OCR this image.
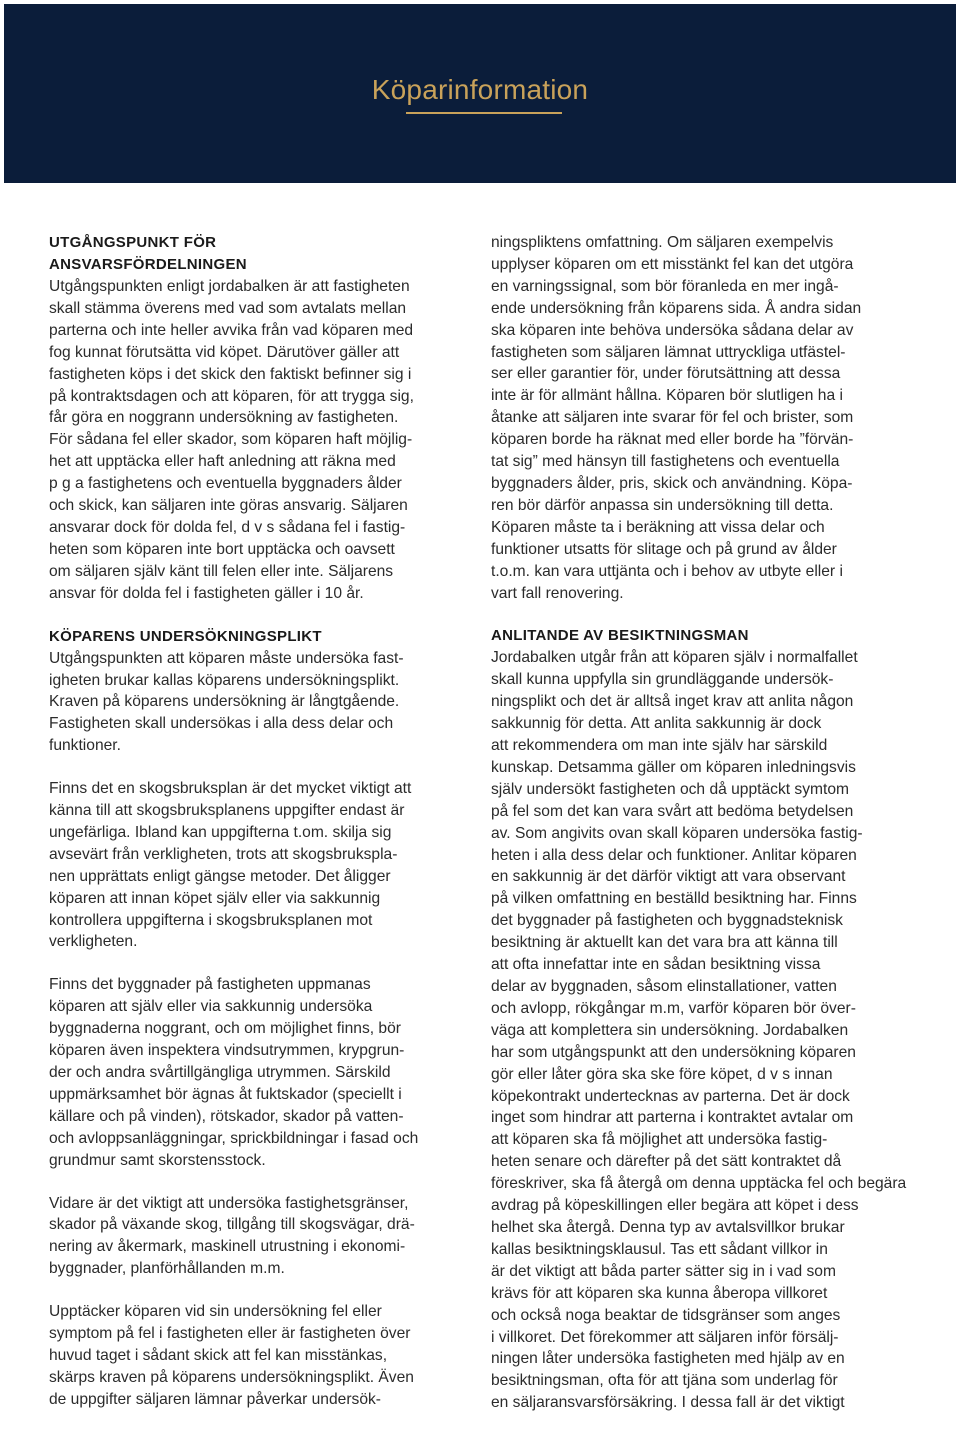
Köparinformation
UTGÅNGSPUNKT FÖR
ANSVARSFÖRDELNINGEN
Utgångspunkten enligt jordabalken är att fastigheten
skall stämma överens med vad som avtalats mellan
parterna och inte heller avvika från vad köparen med
fog kunnat förutsätta vid köpet. Därutöver gäller att
fastigheten köps i det skick den faktiskt befinner sig i
på kontraktsdagen och att köparen, för att trygga sig,
får göra en noggrann undersökning av fastigheten.
För sådana fel eller skador, som köparen haft möjlig-
het att upptäcka eller haft anledning att räkna med
p g a fastighetens och eventuella byggnaders ålder
och skick, kan säljaren inte göras ansvarig. Säljaren
ansvarar dock för dolda fel, d v s sådana fel i fastig-
heten som köparen inte bort upptäcka och oavsett
om säljaren själv känt till felen eller inte. Säljarens
ansvar för dolda fel i fastigheten gäller i 10 år.
KÖPARENS UNDERSÖKNINGSPLIKT
Utgångspunkten att köparen måste undersöka fast-
igheten brukar kallas köparens undersökningsplikt.
Kraven på köparens undersökning är långtgående.
Fastigheten skall undersökas i alla dess delar och
funktioner.
Finns det en skogsbruksplan är det mycket viktigt att
känna till att skogsbruksplanens uppgifter endast är
ungefärliga. Ibland kan uppgifterna t.om. skilja sig
avsevärt från verkligheten, trots att skogsbruksplа-
nen upprättats enligt gängse metoder. Det åligger
köparen att innan köpet själv eller via sakkunnig
kontrollera uppgifterna i skogsbruksplanen mot
verkligheten.
Finns det byggnader på fastigheten uppmanas
köparen att själv eller via sakkunnig undersöka
byggnaderna noggrant, och om möjlighet finns, bör
köparen även inspektera vindsutrymmen, krypgrun-
der och andra svårtillgängliga utrymmen. Särskild
uppmärksamhet bör ägnas åt fuktskador (speciellt i
källare och på vinden), rötskador, skador på vatten-
och avloppsanläggningar, sprickbildningar i fasad och
grundmur samt skorstensstock.
Vidare är det viktigt att undersöka fastighetsgränser,
skador på växande skog, tillgång till skogsvägar, drä-
nering av åkermark, maskinell utrustning i ekonomi-
byggnader, planförhållanden m.m.
Upptäcker köparen vid sin undersökning fel eller
symptom på fel i fastigheten eller är fastigheten över
huvud taget i sådant skick att fel kan misstänkas,
skärps kraven på köparens undersökningsplikt. Även
de uppgifter säljaren lämnar påverkar undersök-
ningspliktens omfattning. Om säljaren exempelvis
upplyser köparen om ett misstänkt fel kan det utgöra
en varningssignal, som bör föranleda en mer ingå-
ende undersökning från köparens sida. Å andra sidan
ska köparen inte behöva undersöka sådana delar av
fastigheten som säljaren lämnat uttryckliga utfästel-
ser eller garantier för, under förutsättning att dessa
inte är för allmänt hållna. Köparen bör slutligen ha i
åtanke att säljaren inte svarar för fel och brister, som
köparen borde ha räknat med eller borde ha ”förvän-
tat sig” med hänsyn till fastighetens och eventuella
byggnaders ålder, pris, skick och användning. Köpa-
ren bör därför anpassa sin undersökning till detta.
Köparen måste ta i beräkning att vissa delar och
funktioner utsatts för slitage och på grund av ålder
t.o.m. kan vara uttjänta och i behov av utbyte eller i
vart fall renovering.
ANLITANDE AV BESIKTNINGSMAN
Jordabalken utgår från att köparen själv i normalfallet
skall kunna uppfylla sin grundläggande undersök-
ningsplikt och det är alltså inget krav att anlita någon
sakkunnig för detta. Att anlita sakkunnig är dock
att rekommendera om man inte själv har särskild
kunskap. Detsamma gäller om köparen inledningsvis
själv undersökt fastigheten och då upptäckt symtom
på fel som det kan vara svårt att bedöma betydelsen
av. Som angivits ovan skall köparen undersöka fastig-
heten i alla dess delar och funktioner. Anlitar köparen
en sakkunnig är det därför viktigt att vara observant
på vilken omfattning en beställd besiktning har. Finns
det byggnader på fastigheten och byggnadsteknisk
besiktning är aktuellt kan det vara bra att känna till
att ofta innefattar inte en sådan besiktning vissa
delar av byggnaden, såsom elinstallationer, vatten
och avlopp, rökgångar m.m, varför köparen bör över-
väga att komplettera sin undersökning. Jordabalken
har som utgångspunkt att den undersökning köparen
gör eller låter göra ska ske före köpet, d v s innan
köpekontrakt undertecknas av parterna. Det är dock
inget som hindrar att parterna i kontraktet avtalar om
att köparen ska få möjlighet att undersöka fastig-
heten senare och därefter på det sätt kontraktet då
föreskriver, ska få återgå om denna upptäcka fel och begära
avdrag på köpeskillingen eller begära att köpet i dess
helhet ska återgå. Denna typ av avtalsvillkor brukar
kallas besiktningsklausul. Tas ett sådant villkor in
är det viktigt att båda parter sätter sig in i vad som
krävs för att köparen ska kunna åberopa villkoret
och också noga beaktar de tidsgränser som anges
i villkoret. Det förekommer att säljaren inför försälj-
ningen låter undersöka fastigheten med hjälp av en
besiktningsman, ofta för att tjäna som underlag för
en säljaransvarsförsäkring. I dessa fall är det viktigt
